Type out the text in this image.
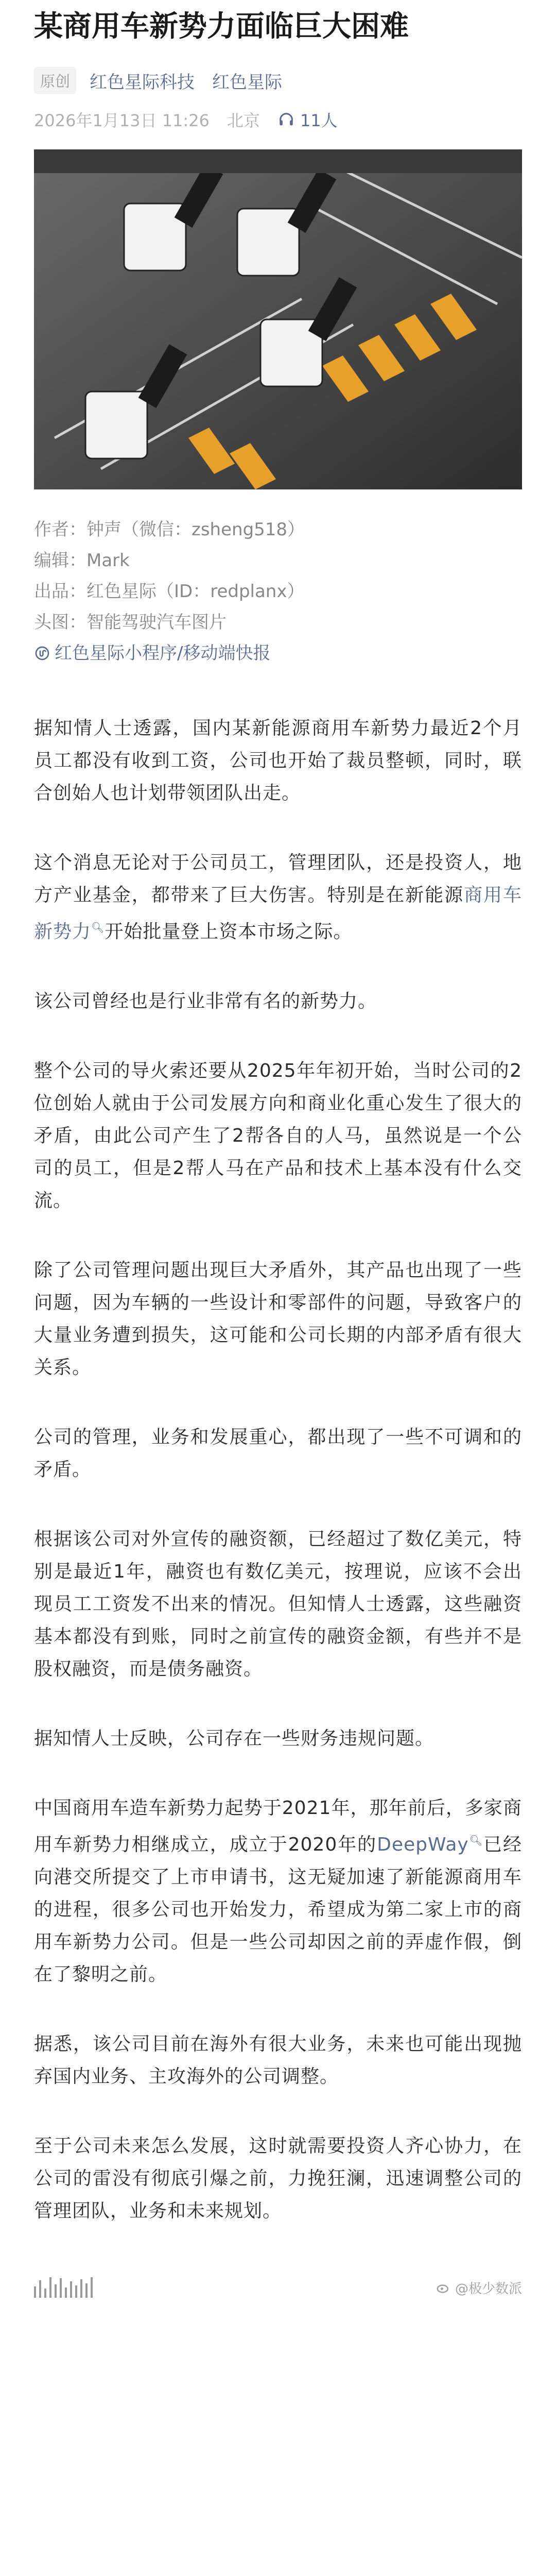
某商用车新势力面临巨大困难
原创	红色星际科技 红色星际
2026年1月13日 11:26 北京 11人

作者：钟声（微信：zsheng518）

编辑：Mark

出品：红色星际（ID：redplanx）

头图：智能驾驶汽车图片

红色星际小程序/移动端快报

据知情人士透露，国内某新能源商用车新势力最近2个月员工都没有收到工资，公司也开始了裁员整顿，同时，联合创始人也计划带领团队出走。

这个消息无论对于公司员工，管理团队，还是投资人，地方产业基金，都带来了巨大伤害。特别是在新能源商用车新势力🔍︎开始批量登上资本市场之际。

该公司曾经也是行业非常有名的新势力。

整个公司的导火索还要从2025年年初开始，当时公司的2位创始人就由于公司发展方向和商业化重心发生了很大的矛盾，由此公司产生了2帮各自的人马，虽然说是一个公司的员工，但是2帮人马在产品和技术上基本没有什么交流。

除了公司管理问题出现巨大矛盾外，其产品也出现了一些问题，因为车辆的一些设计和零部件的问题，导致客户的大量业务遭到损失，这可能和公司长期的内部矛盾有很大关系。

公司的管理，业务和发展重心，都出现了一些不可调和的矛盾。

根据该公司对外宣传的融资额，已经超过了数亿美元，特别是最近1年，融资也有数亿美元，按理说，应该不会出现员工工资发不出来的情况。但知情人士透露，这些融资基本都没有到账，同时之前宣传的融资金额，有些并不是股权融资，而是债务融资。

据知情人士反映，公司存在一些财务违规问题。

中国商用车造车新势力起势于2021年，那年前后，多家商用车新势力相继成立，成立于2020年的DeepWay🔍︎已经向港交所提交了上市申请书，这无疑加速了新能源商用车的进程，很多公司也开始发力，希望成为第二家上市的商用车新势力公司。但是一些公司却因之前的弄虚作假，倒在了黎明之前。

据悉，该公司目前在海外有很大业务，未来也可能出现抛弃国内业务、主攻海外的公司调整。

至于公司未来怎么发展，这时就需要投资人齐心协力，在公司的雷没有彻底引爆之前，力挽狂澜，迅速调整公司的管理团队，业务和未来规划。

@极少数派
